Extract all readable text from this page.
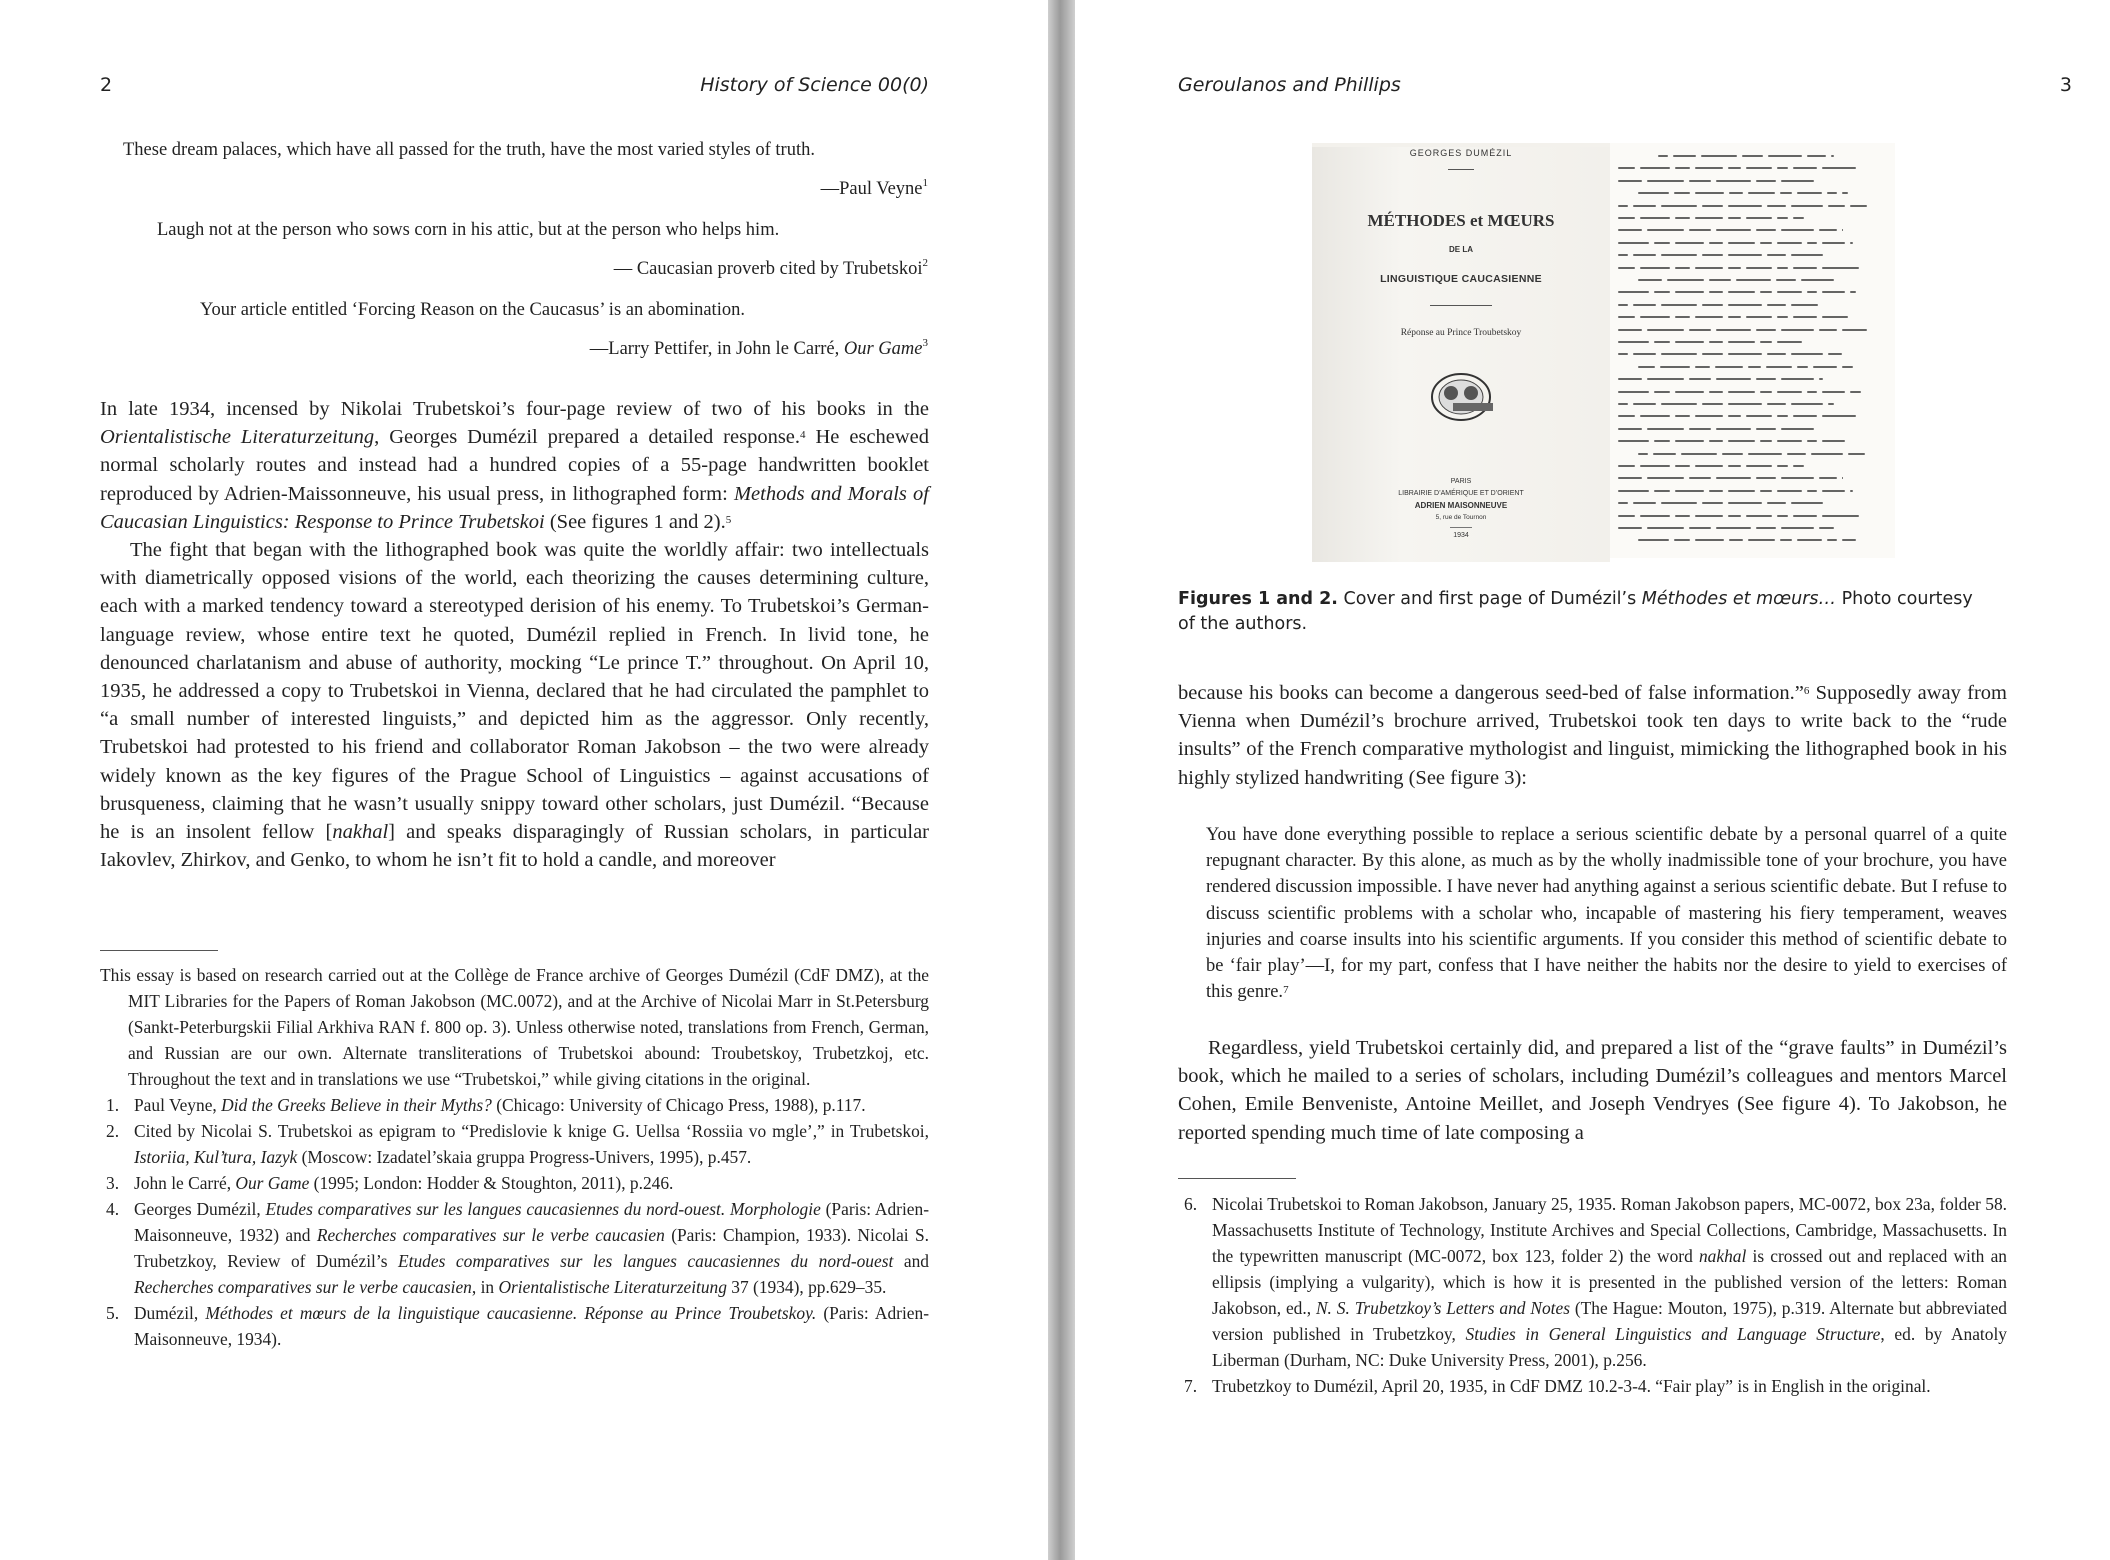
2	History of Science 00(0)
These dream palaces, which have all passed for the truth, have the most varied styles of truth.
—Paul Veyne$^1$
Laugh not at the person who sows corn in his attic, but at the person who helps him.
— Caucasian proverb cited by Trubetskoi$^2$
Your article entitled ‘Forcing Reason on the Caucasus’ is an abomination.
—Larry Pettifer, in John le Carré, Our Game$^3$

In late 1934, incensed by Nikolai Trubetskoi’s four-page review of two of his books in the Orientalistische Literaturzeitung, Georges Dumézil prepared a detailed response.$^4$ He eschewed normal scholarly routes and instead had a hundred copies of a 55-page handwritten booklet reproduced by Adrien-Maissonneuve, his usual press, in lithographed form: Methods and Morals of Caucasian Linguistics: Response to Prince Trubetskoi (See figures 1 and 2).$^5$

The fight that began with the lithographed book was quite the worldly affair: two intellectuals with diametrically opposed visions of the world, each theorizing the causes determining culture, each with a marked tendency toward a stereotyped derision of his enemy. To Trubetskoi’s German-language review, whose entire text he quoted, Dumézil replied in French. In livid tone, he denounced charlatanism and abuse of authority, mocking “Le prince T.” throughout. On April 10, 1935, he addressed a copy to Trubetskoi in Vienna, declared that he had circulated the pamphlet to “a small number of interested linguists,” and depicted him as the aggressor. Only recently, Trubetskoi had protested to his friend and collaborator Roman Jakobson – the two were already widely known as the key figures of the Prague School of Linguistics – against accusations of brusqueness, claiming that he wasn’t usually snippy toward other scholars, just Dumézil. “Because he is an insolent fellow [nakhal] and speaks disparagingly of Russian scholars, in particular Iakovlev, Zhirkov, and Genko, to whom he isn’t fit to hold a candle, and moreover

This essay is based on research carried out at the Collège de France archive of Georges Dumézil (CdF DMZ), at the MIT Libraries for the Papers of Roman Jakobson (MC.0072), and at the Archive of Nicolai Marr in St.Petersburg (Sankt-Peterburgskii Filial Arkhiva RAN f. 800 op. 3). Unless otherwise noted, translations from French, German, and Russian are our own. Alternate transliterations of Trubetskoi abound: Troubetskoy, Trubetzkoj, etc. Throughout the text and in translations we use “Trubetskoi,” while giving citations in the original.
1. Paul Veyne, Did the Greeks Believe in their Myths? (Chicago: University of Chicago Press, 1988), p.117.
2. Cited by Nicolai S. Trubetskoi as epigram to “Predislovie k knige G. Uellsa ‘Rossiia vo mgle’,” in Trubetskoi, Istoriia, Kul’tura, Iazyk (Moscow: Izadatel’skaia gruppa Progress-Univers, 1995), p.457.
3. John le Carré, Our Game (1995; London: Hodder & Stoughton, 2011), p.246.
4. Georges Dumézil, Etudes comparatives sur les langues caucasiennes du nord-ouest. Morphologie (Paris: Adrien-Maisonneuve, 1932) and Recherches comparatives sur le verbe caucasien (Paris: Champion, 1933). Nicolai S. Trubetzkoy, Review of Dumézil’s Etudes comparatives sur les langues caucasiennes du nord-ouest and Recherches comparatives sur le verbe caucasien, in Orientalistische Literaturzeitung 37 (1934), pp.629–35.
5. Dumézil, Méthodes et mœurs de la linguistique caucasienne. Réponse au Prince Troubetskoy. (Paris: Adrien-Maisonneuve, 1934).
Geroulanos and Phillips	3
GEORGES DUMÉZIL
MÉTHODES et MŒURS
DE LA
LINGUISTIQUE CAUCASIENNE
Réponse au Prince Troubetskoy
PARIS
LIBRAIRIE D’AMÉRIQUE ET D’ORIENT
ADRIEN MAISONNEUVE
5, rue de Tournon
1934
Figures 1 and 2. Cover and first page of Dumézil’s Méthodes et mœurs… Photo courtesy of the authors.

because his books can become a dangerous seed-bed of false information.”$^6$ Supposedly away from Vienna when Dumézil’s brochure arrived, Trubetskoi took ten days to write back to the “rude insults” of the French comparative mythologist and linguist, mimicking the lithographed book in his highly stylized handwriting (See figure 3):

You have done everything possible to replace a serious scientific debate by a personal quarrel of a quite repugnant character. By this alone, as much as by the wholly inadmissible tone of your brochure, you have rendered discussion impossible. I have never had anything against a serious scientific debate. But I refuse to discuss scientific problems with a scholar who, incapable of mastering his fiery temperament, weaves injuries and coarse insults into his scientific arguments. If you consider this method of scientific debate to be ‘fair play’—I, for my part, confess that I have neither the habits nor the desire to yield to exercises of this genre.$^7$
Regardless, yield Trubetskoi certainly did, and prepared a list of the “grave faults” in Dumézil’s book, which he mailed to a series of scholars, including Dumézil’s colleagues and mentors Marcel Cohen, Emile Benveniste, Antoine Meillet, and Joseph Vendryes (See figure 4). To Jakobson, he reported spending much time of late composing a
6. Nicolai Trubetskoi to Roman Jakobson, January 25, 1935. Roman Jakobson papers, MC-0072, box 23a, folder 58. Massachusetts Institute of Technology, Institute Archives and Special Collections, Cambridge, Massachusetts. In the typewritten manuscript (MC-0072, box 123, folder 2) the word nakhal is crossed out and replaced with an ellipsis (implying a vulgarity), which is how it is presented in the published version of the letters: Roman Jakobson, ed., N. S. Trubetzkoy’s Letters and Notes (The Hague: Mouton, 1975), p.319. Alternate but abbreviated version published in Trubetzkoy, Studies in General Linguistics and Language Structure, ed. by Anatoly Liberman (Durham, NC: Duke University Press, 2001), p.256.
7. Trubetzkoy to Dumézil, April 20, 1935, in CdF DMZ 10.2-3-4. “Fair play” is in English in the original.
